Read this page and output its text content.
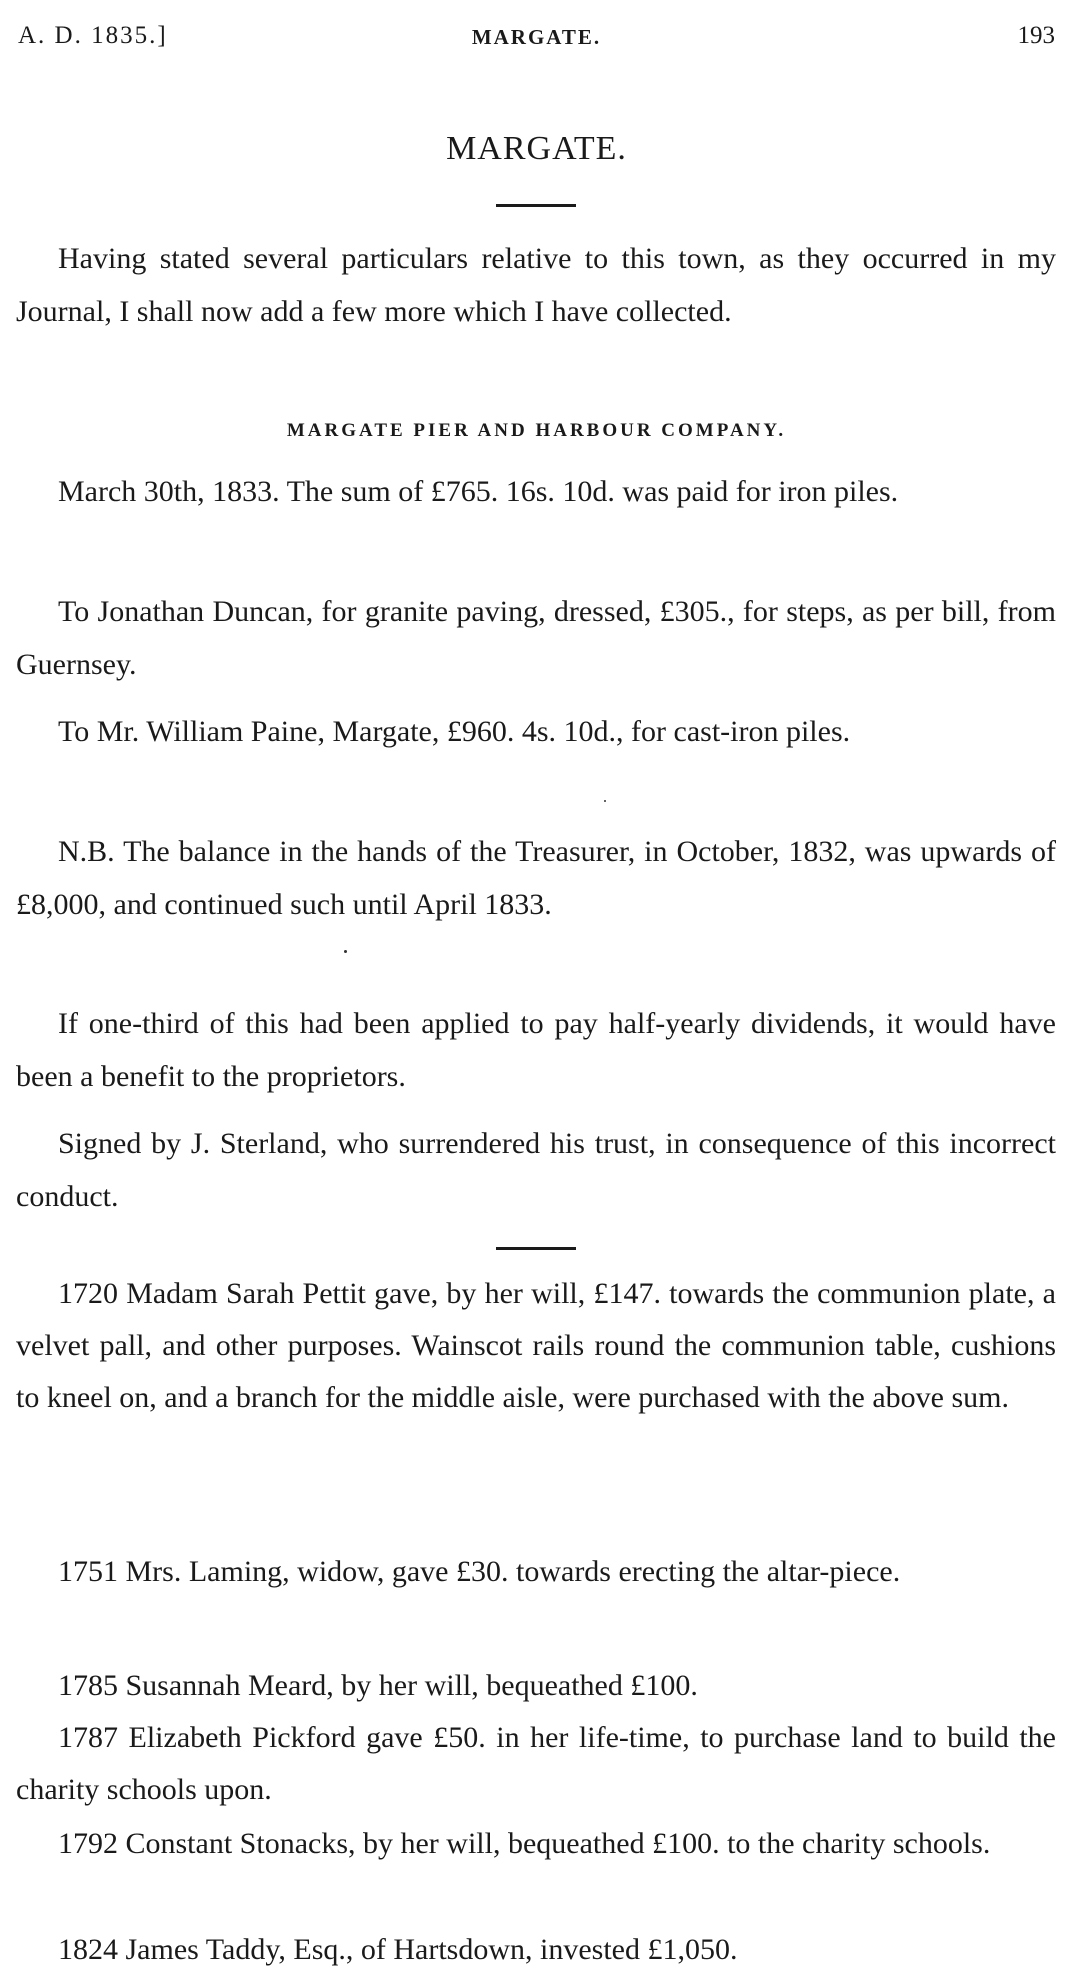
A. D. 1835.]	MARGATE.	193
MARGATE.

Having stated several particulars relative to this town, as they occurred in my Journal, I shall now add a few more which I have collected.

MARGATE PIER AND HARBOUR COMPANY.

March 30th, 1833. The sum of £765. 16s. 10d. was paid for iron piles.

To Jonathan Duncan, for granite paving, dressed, £305., for steps, as per bill, from Guernsey.

To Mr. William Paine, Margate, £960. 4s. 10d., for cast-iron piles.

N.B. The balance in the hands of the Treasurer, in October, 1832, was upwards of £8,000, and continued such until April 1833.

If one-third of this had been applied to pay half-yearly dividends, it would have been a benefit to the proprietors.

Signed by J. Sterland, who surrendered his trust, in consequence of this incorrect conduct.

1720 Madam Sarah Pettit gave, by her will, £147. towards the communion plate, a velvet pall, and other purposes. Wainscot rails round the communion table, cushions to kneel on, and a branch for the middle aisle, were purchased with the above sum.

1751 Mrs. Laming, widow, gave £30. towards erecting the altar-piece.

1785 Susannah Meard, by her will, bequeathed £100.

1787 Elizabeth Pickford gave £50. in her life-time, to purchase land to build the charity schools upon.

1792 Constant Stonacks, by her will, bequeathed £100. to the charity schools.

1824 James Taddy, Esq., of Hartsdown, invested £1,050.
